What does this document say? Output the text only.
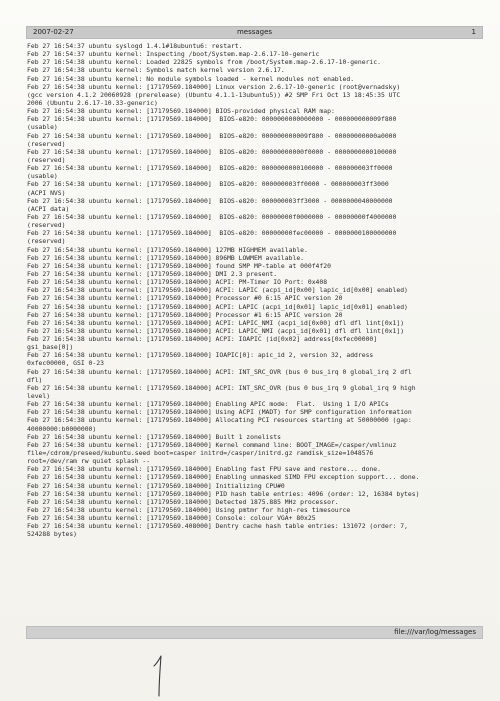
2007-02-27	messages	1
Feb 27 16:54:37 ubuntu syslogd 1.4.1#18ubuntu6: restart.
Feb 27 16:54:37 ubuntu kernel: Inspecting /boot/System.map-2.6.17-10-generic
Feb 27 16:54:38 ubuntu kernel: Loaded 22825 symbols from /boot/System.map-2.6.17-10-generic.
Feb 27 16:54:38 ubuntu kernel: Symbols match kernel version 2.6.17.
Feb 27 16:54:38 ubuntu kernel: No module symbols loaded - kernel modules not enabled.
Feb 27 16:54:38 ubuntu kernel: [17179569.184000] Linux version 2.6.17-10-generic (root@vernadsky)
(gcc version 4.1.2 20060928 (prerelease) (Ubuntu 4.1.1-13ubuntu5)) #2 SMP Fri Oct 13 18:45:35 UTC
2006 (Ubuntu 2.6.17-10.33-generic)
Feb 27 16:54:38 ubuntu kernel: [17179569.184000] BIOS-provided physical RAM map:
Feb 27 16:54:38 ubuntu kernel: [17179569.184000]  BIOS-e820: 0000000000000000 - 000000000009f800
(usable)
Feb 27 16:54:38 ubuntu kernel: [17179569.184000]  BIOS-e820: 000000000009f800 - 00000000000a0000
(reserved)
Feb 27 16:54:38 ubuntu kernel: [17179569.184000]  BIOS-e820: 00000000000f0000 - 0000000000100000
(reserved)
Feb 27 16:54:38 ubuntu kernel: [17179569.184000]  BIOS-e820: 0000000000100000 - 000000003ff0000
(usable)
Feb 27 16:54:38 ubuntu kernel: [17179569.184000]  BIOS-e820: 000000003ff0000 - 000000003ff3000
(ACPI NVS)
Feb 27 16:54:38 ubuntu kernel: [17179569.184000]  BIOS-e820: 000000003ff3000 - 0000000040000000
(ACPI data)
Feb 27 16:54:38 ubuntu kernel: [17179569.184000]  BIOS-e820: 00000000f0000000 - 00000000f4000000
(reserved)
Feb 27 16:54:38 ubuntu kernel: [17179569.184000]  BIOS-e820: 00000000fec00000 - 0000000100000000
(reserved)
Feb 27 16:54:38 ubuntu kernel: [17179569.184000] 127MB HIGHMEM available.
Feb 27 16:54:38 ubuntu kernel: [17179569.184000] 896MB LOWMEM available.
Feb 27 16:54:38 ubuntu kernel: [17179569.184000] found SMP MP-table at 000f4f20
Feb 27 16:54:38 ubuntu kernel: [17179569.184000] DMI 2.3 present.
Feb 27 16:54:38 ubuntu kernel: [17179569.184000] ACPI: PM-Timer IO Port: 0x408
Feb 27 16:54:38 ubuntu kernel: [17179569.184000] ACPI: LAPIC (acpi_id[0x00] lapic_id[0x00] enabled)
Feb 27 16:54:38 ubuntu kernel: [17179569.184000] Processor #0 6:15 APIC version 20
Feb 27 16:54:38 ubuntu kernel: [17179569.184000] ACPI: LAPIC (acpi_id[0x01] lapic_id[0x01] enabled)
Feb 27 16:54:38 ubuntu kernel: [17179569.184000] Processor #1 6:15 APIC version 20
Feb 27 16:54:38 ubuntu kernel: [17179569.184000] ACPI: LAPIC_NMI (acpi_id[0x00] dfl dfl lint[0x1])
Feb 27 16:54:38 ubuntu kernel: [17179569.184000] ACPI: LAPIC_NMI (acpi_id[0x01] dfl dfl lint[0x1])
Feb 27 16:54:38 ubuntu kernel: [17179569.184000] ACPI: IOAPIC (id[0x02] address[0xfec00000]
gsi_base[0])
Feb 27 16:54:38 ubuntu kernel: [17179569.184000] IOAPIC[0]: apic_id 2, version 32, address
0xfec00000, GSI 0-23
Feb 27 16:54:38 ubuntu kernel: [17179569.184000] ACPI: INT_SRC_OVR (bus 0 bus_irq 0 global_irq 2 dfl
dfl)
Feb 27 16:54:38 ubuntu kernel: [17179569.184000] ACPI: INT_SRC_OVR (bus 0 bus_irq 9 global_irq 9 high
level)
Feb 27 16:54:38 ubuntu kernel: [17179569.184000] Enabling APIC mode:  Flat.  Using 1 I/O APICs
Feb 27 16:54:38 ubuntu kernel: [17179569.184000] Using ACPI (MADT) for SMP configuration information
Feb 27 16:54:38 ubuntu kernel: [17179569.184000] Allocating PCI resources starting at 50000000 (gap:
40000000:b0000000)
Feb 27 16:54:38 ubuntu kernel: [17179569.184000] Built 1 zonelists
Feb 27 16:54:38 ubuntu kernel: [17179569.184000] Kernel command line: BOOT_IMAGE=/casper/vmlinuz
file=/cdrom/preseed/kubuntu.seed boot=casper initrd=/casper/initrd.gz ramdisk_size=1048576
root=/dev/ram rw quiet splash --
Feb 27 16:54:38 ubuntu kernel: [17179569.184000] Enabling fast FPU save and restore... done.
Feb 27 16:54:38 ubuntu kernel: [17179569.184000] Enabling unmasked SIMD FPU exception support... done.
Feb 27 16:54:38 ubuntu kernel: [17179569.184000] Initializing CPU#0
Feb 27 16:54:38 ubuntu kernel: [17179569.184000] PID hash table entries: 4096 (order: 12, 16384 bytes)
Feb 27 16:54:38 ubuntu kernel: [17179569.184000] Detected 1875.885 MHz processor.
Feb 27 16:54:38 ubuntu kernel: [17179569.184000] Using pmtmr for high-res timesource
Feb 27 16:54:38 ubuntu kernel: [17179569.184000] Console: colour VGA+ 80x25
Feb 27 16:54:38 ubuntu kernel: [17179569.408000] Dentry cache hash table entries: 131072 (order: 7,
524288 bytes)
file:///var/log/messages
